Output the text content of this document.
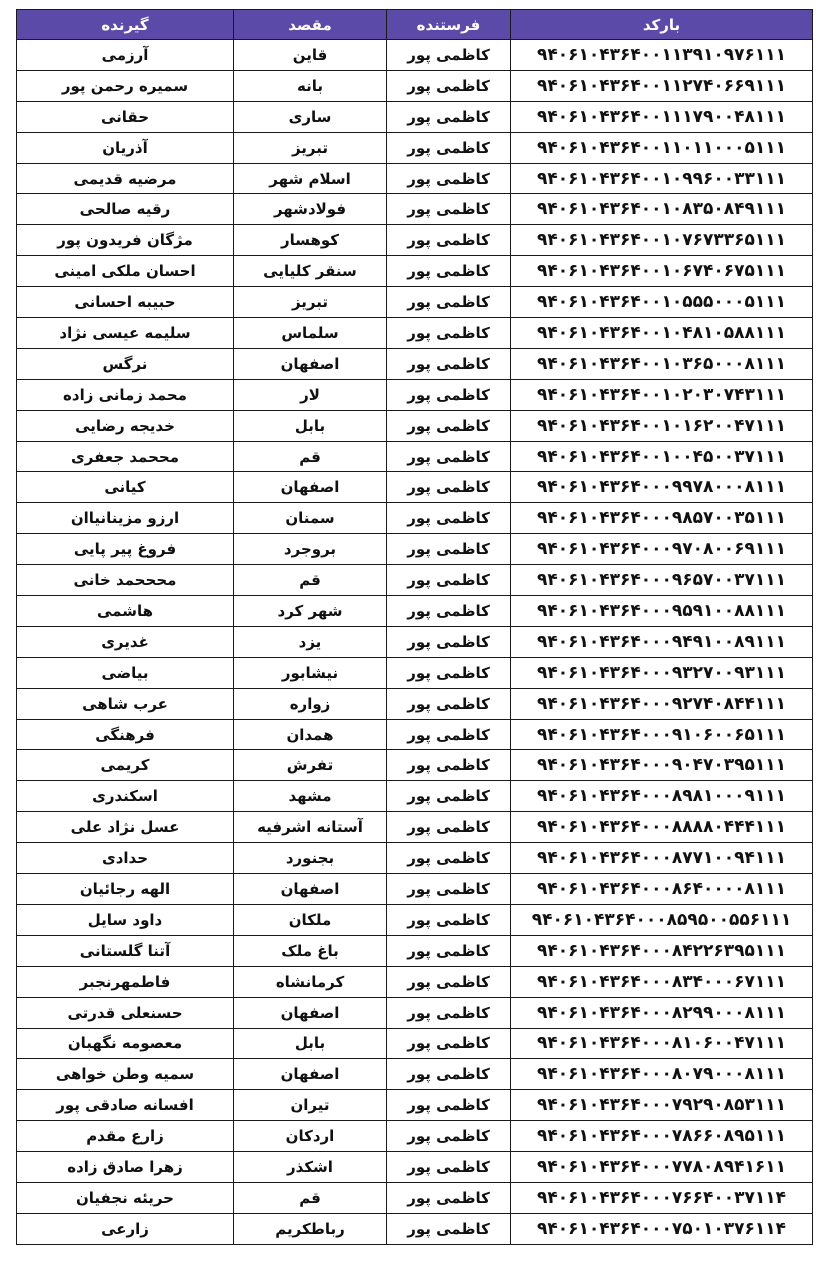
بارکد	فرستنده	مقصد	گیرنده
۹۴۰۶۱۰۴۳۶۴۰۰۱۱۳۹۱۰۹۷۶۱۱۱	کاظمی پور	قاین	آرزمی
۹۴۰۶۱۰۴۳۶۴۰۰۱۱۲۷۴۰۶۶۹۱۱۱	کاظمی پور	بانه	سمیره رحمن پور
۹۴۰۶۱۰۴۳۶۴۰۰۱۱۱۷۹۰۰۴۸۱۱۱	کاظمی پور	ساری	حقانی
۹۴۰۶۱۰۴۳۶۴۰۰۱۱۰۱۱۰۰۰۵۱۱۱	کاظمی پور	تبریز	آذریان
۹۴۰۶۱۰۴۳۶۴۰۰۱۰۹۹۶۰۰۳۳۱۱۱	کاظمی پور	اسلام شهر	مرضیه قدیمی
۹۴۰۶۱۰۴۳۶۴۰۰۱۰۸۳۵۰۸۴۹۱۱۱	کاظمی پور	فولادشهر	رقیه صالحی
۹۴۰۶۱۰۴۳۶۴۰۰۱۰۷۶۷۳۳۶۵۱۱۱	کاظمی پور	کوهسار	مژگان فریدون پور
۹۴۰۶۱۰۴۳۶۴۰۰۱۰۶۷۴۰۶۷۵۱۱۱	کاظمی پور	سنقر کلیایی	احسان ملکی امینی
۹۴۰۶۱۰۴۳۶۴۰۰۱۰۵۵۵۰۰۰۵۱۱۱	کاظمی پور	تبریز	حبیبه احسانی
۹۴۰۶۱۰۴۳۶۴۰۰۱۰۴۸۱۰۵۸۸۱۱۱	کاظمی پور	سلماس	سلیمه عیسی نژاد
۹۴۰۶۱۰۴۳۶۴۰۰۱۰۳۶۵۰۰۰۸۱۱۱	کاظمی پور	اصفهان	نرگس
۹۴۰۶۱۰۴۳۶۴۰۰۱۰۲۰۳۰۷۴۳۱۱۱	کاظمی پور	لار	محمد زمانی زاده
۹۴۰۶۱۰۴۳۶۴۰۰۱۰۱۶۲۰۰۴۷۱۱۱	کاظمی پور	بابل	خدیجه رضایی
۹۴۰۶۱۰۴۳۶۴۰۰۱۰۰۴۵۰۰۳۷۱۱۱	کاظمی پور	قم	مححمد جعفری
۹۴۰۶۱۰۴۳۶۴۰۰۰۹۹۷۸۰۰۰۸۱۱۱	کاظمی پور	اصفهان	کیانی
۹۴۰۶۱۰۴۳۶۴۰۰۰۹۸۵۷۰۰۳۵۱۱۱	کاظمی پور	سمنان	ارزو مزینانیاان
۹۴۰۶۱۰۴۳۶۴۰۰۰۹۷۰۸۰۰۶۹۱۱۱	کاظمی پور	بروجرد	فروغ پیر پایی
۹۴۰۶۱۰۴۳۶۴۰۰۰۹۶۵۷۰۰۳۷۱۱۱	کاظمی پور	قم	محححمد خانی
۹۴۰۶۱۰۴۳۶۴۰۰۰۹۵۹۱۰۰۸۸۱۱۱	کاظمی پور	شهر کرد	هاشمی
۹۴۰۶۱۰۴۳۶۴۰۰۰۹۴۹۱۰۰۸۹۱۱۱	کاظمی پور	یزد	غدیری
۹۴۰۶۱۰۴۳۶۴۰۰۰۹۳۲۷۰۰۹۳۱۱۱	کاظمی پور	نیشابور	بیاضی
۹۴۰۶۱۰۴۳۶۴۰۰۰۹۲۷۴۰۸۴۴۱۱۱	کاظمی پور	زواره	عرب شاهی
۹۴۰۶۱۰۴۳۶۴۰۰۰۹۱۰۶۰۰۶۵۱۱۱	کاظمی پور	همدان	فرهنگی
۹۴۰۶۱۰۴۳۶۴۰۰۰۹۰۴۷۰۳۹۵۱۱۱	کاظمی پور	تفرش	کریمی
۹۴۰۶۱۰۴۳۶۴۰۰۰۸۹۸۱۰۰۰۹۱۱۱	کاظمی پور	مشهد	اسکندری
۹۴۰۶۱۰۴۳۶۴۰۰۰۸۸۸۸۰۴۴۴۱۱۱	کاظمی پور	آستانه اشرفیه	عسل نژاد علی
۹۴۰۶۱۰۴۳۶۴۰۰۰۸۷۷۱۰۰۹۴۱۱۱	کاظمی پور	بجنورد	حدادی
۹۴۰۶۱۰۴۳۶۴۰۰۰۸۶۴۰۰۰۰۸۱۱۱	کاظمی پور	اصفهان	الهه رجائیان
۹۴۰۶۱۰۴۳۶۴۰۰۰۸۵۹۵۰۰۵۵۶۱۱۱	کاظمی پور	ملکان	داود سایل
۹۴۰۶۱۰۴۳۶۴۰۰۰۸۴۲۲۶۳۹۵۱۱۱	کاظمی پور	باغ ملک	آتنا گلستانی
۹۴۰۶۱۰۴۳۶۴۰۰۰۸۳۴۰۰۰۶۷۱۱۱	کاظمی پور	کرمانشاه	فاطمهرنجبر
۹۴۰۶۱۰۴۳۶۴۰۰۰۸۲۹۹۰۰۰۸۱۱۱	کاظمی پور	اصفهان	حسنعلی قدرتی
۹۴۰۶۱۰۴۳۶۴۰۰۰۸۱۰۶۰۰۴۷۱۱۱	کاظمی پور	بابل	معصومه نگهبان
۹۴۰۶۱۰۴۳۶۴۰۰۰۸۰۷۹۰۰۰۸۱۱۱	کاظمی پور	اصفهان	سمیه وطن خواهی
۹۴۰۶۱۰۴۳۶۴۰۰۰۷۹۲۹۰۸۵۳۱۱۱	کاظمی پور	تیران	افسانه صادقی پور
۹۴۰۶۱۰۴۳۶۴۰۰۰۷۸۶۶۰۸۹۵۱۱۱	کاظمی پور	اردکان	زارع مقدم
۹۴۰۶۱۰۴۳۶۴۰۰۰۷۷۸۰۸۹۴۱۶۱۱	کاظمی پور	اشکذر	زهرا صادق زاده
۹۴۰۶۱۰۴۳۶۴۰۰۰۷۶۶۴۰۰۳۷۱۱۴	کاظمی پور	قم	حریئه نجفیان
۹۴۰۶۱۰۴۳۶۴۰۰۰۷۵۰۱۰۳۷۶۱۱۴	کاظمی پور	رباطکریم	زارعی
